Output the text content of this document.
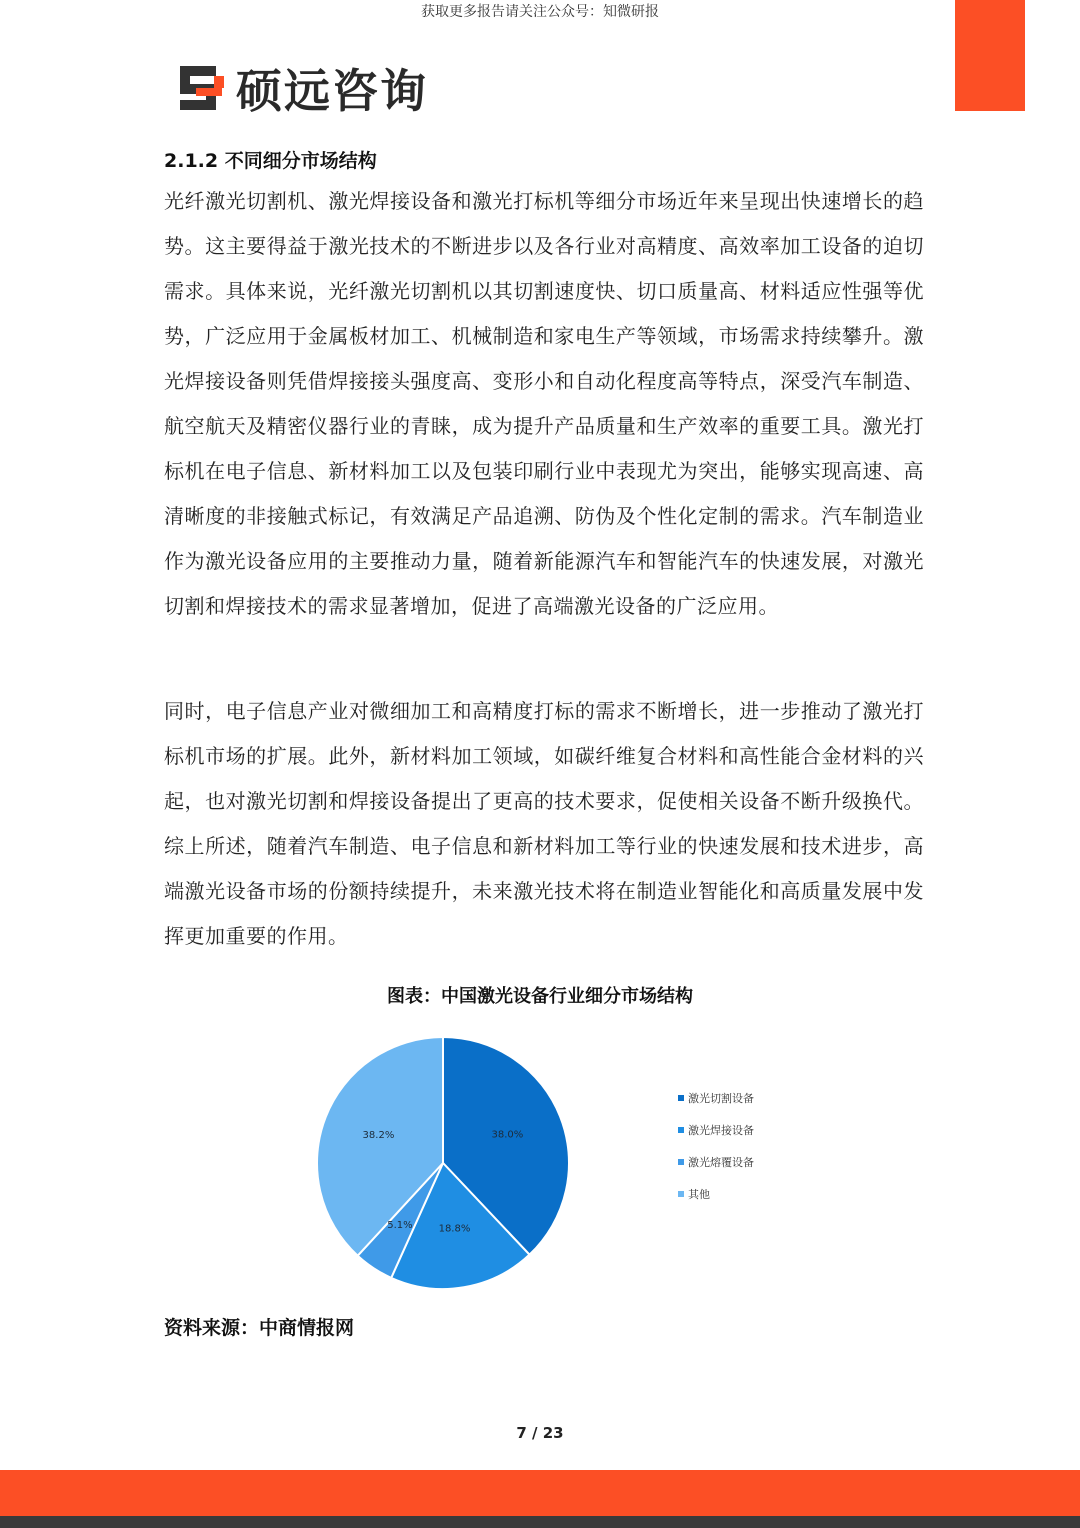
获取更多报告请关注公众号：知微研报
硕远咨询
2.1.2 不同细分市场结构

光纤激光切割机、激光焊接设备和激光打标机等细分市场近年来呈现出快速增长的趋势。这主要得益于激光技术的不断进步以及各行业对高精度、高效率加工设备的迫切需求。具体来说，光纤激光切割机以其切割速度快、切口质量高、材料适应性强等优势，广泛应用于金属板材加工、机械制造和家电生产等领域，市场需求持续攀升。激光焊接设备则凭借焊接接头强度高、变形小和自动化程度高等特点，深受汽车制造、航空航天及精密仪器行业的青睐，成为提升产品质量和生产效率的重要工具。激光打标机在电子信息、新材料加工以及包装印刷行业中表现尤为突出，能够实现高速、高清晰度的非接触式标记，有效满足产品追溯、防伪及个性化定制的需求。汽车制造业作为激光设备应用的主要推动力量，随着新能源汽车和智能汽车的快速发展，对激光切割和焊接技术的需求显著增加，促进了高端激光设备的广泛应用。

同时，电子信息产业对微细加工和高精度打标的需求不断增长，进一步推动了激光打标机市场的扩展。此外，新材料加工领域，如碳纤维复合材料和高性能合金材料的兴起，也对激光切割和焊接设备提出了更高的技术要求，促使相关设备不断升级换代。综上所述，随着汽车制造、电子信息和新材料加工等行业的快速发展和技术进步，高端激光设备市场的份额持续提升，未来激光技术将在制造业智能化和高质量发展中发挥更加重要的作用。

图表：中国激光设备行业细分市场结构
38.0%
18.8%
5.1%
38.2%
激光切割设备
激光焊接设备
激光熔覆设备
其他
资料来源：中商情报网
7 / 23
